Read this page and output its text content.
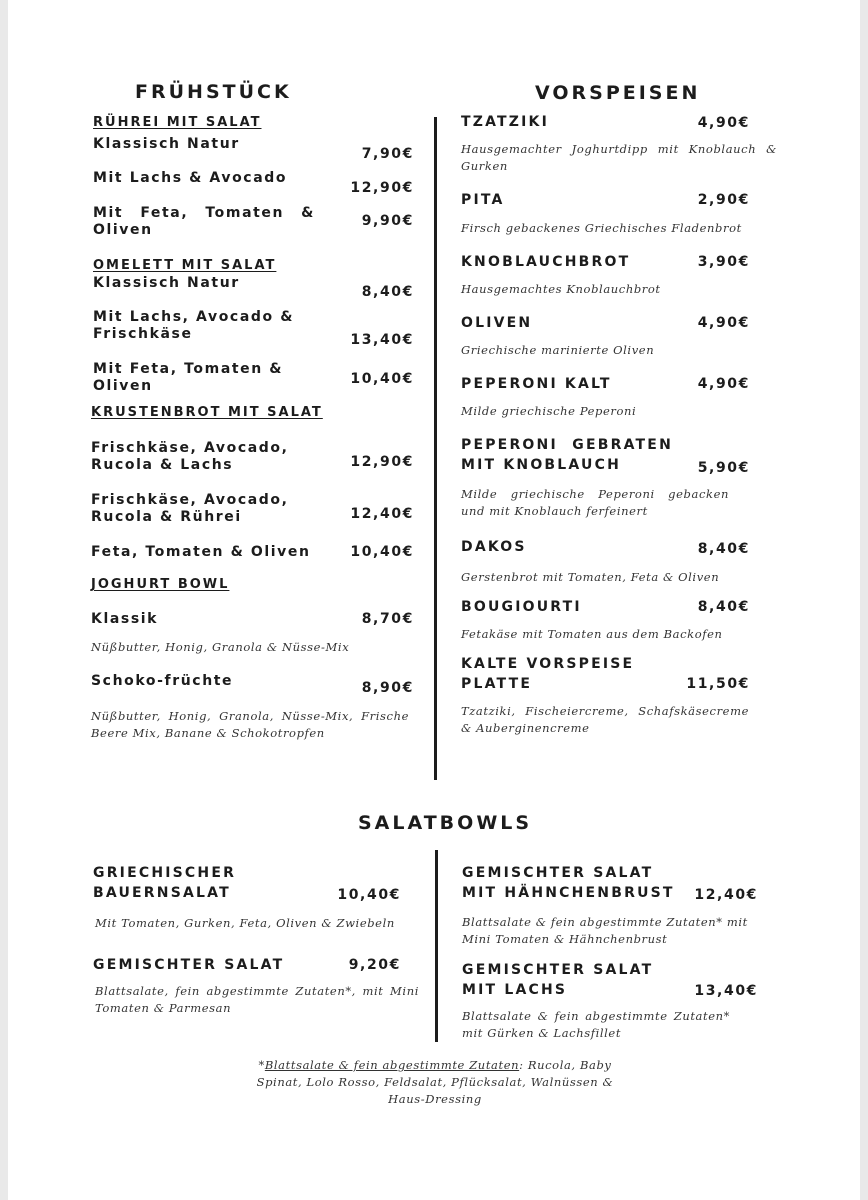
FRÜHSTÜCK
RÜHREI MIT SALAT
Klassisch Natur
7,90€
Mit Lachs & Avocado
12,90€
Mit Feta, Tomaten & Oliven
9,90€
OMELETT MIT SALAT
Klassisch Natur
8,40€
Mit Lachs, Avocado & Frischkäse	13,40€
Mit Feta, Tomaten & Oliven	10,40€
KRUSTENBROT MIT SALAT
Frischkäse, Avocado, Rucola & Lachs	12,90€
Frischkäse, Avocado, Rucola & Rührei	12,40€
Feta, Tomaten & Oliven	10,40€
JOGHURT BOWL
Klassik	8,70€
Nüßbutter, Honig, Granola & Nüsse-Mix
Schoko-früchte	8,90€
Nüßbutter, Honig, Granola, Nüsse-Mix, Frische Beere Mix, Banane & Schokotropfen
VORSPEISEN
TZATZIKI	4,90€
Hausgemachter Joghurtdipp mit Knoblauch & Gurken
PITA	2,90€
Firsch gebackenes Griechisches Fladenbrot
KNOBLAUCHBROT	3,90€
Hausgemachtes Knoblauchbrot
OLIVEN	4,90€
Griechische marinierte Oliven
PEPERONI KALT	4,90€
Milde griechische Peperoni
PEPERONI GEBRATEN MIT KNOBLAUCH	5,90€
Milde griechische Peperoni gebacken und mit Knoblauch ferfeinert
DAKOS	8,40€
Gerstenbrot mit Tomaten, Feta & Oliven
BOUGIOURTI	8,40€
Fetakäse mit Tomaten aus dem Backofen
KALTE VORSPEISE PLATTE	11,50€
Tzatziki, Fischeiercreme, Schafskäsecreme & Auberginencreme
SALATBOWLS
GRIECHISCHER BAUERNSALAT	10,40€
Mit Tomaten, Gurken, Feta, Oliven & Zwiebeln
GEMISCHTER SALAT	9,20€
Blattsalate, fein abgestimmte Zutaten*, mit Mini Tomaten & Parmesan
GEMISCHTER SALAT MIT HÄHNCHENBRUST	12,40€
Blattsalate & fein abgestimmte Zutaten* mit Mini Tomaten & Hähnchenbrust
GEMISCHTER SALAT MIT LACHS	13,40€
Blattsalate & fein abgestimmte Zutaten* mit Gürken & Lachsfillet
*Blattsalate & fein abgestimmte Zutaten: Rucola, Baby Spinat, Lolo Rosso, Feldsalat, Pflücksalat, Walnüssen & Haus-Dressing
